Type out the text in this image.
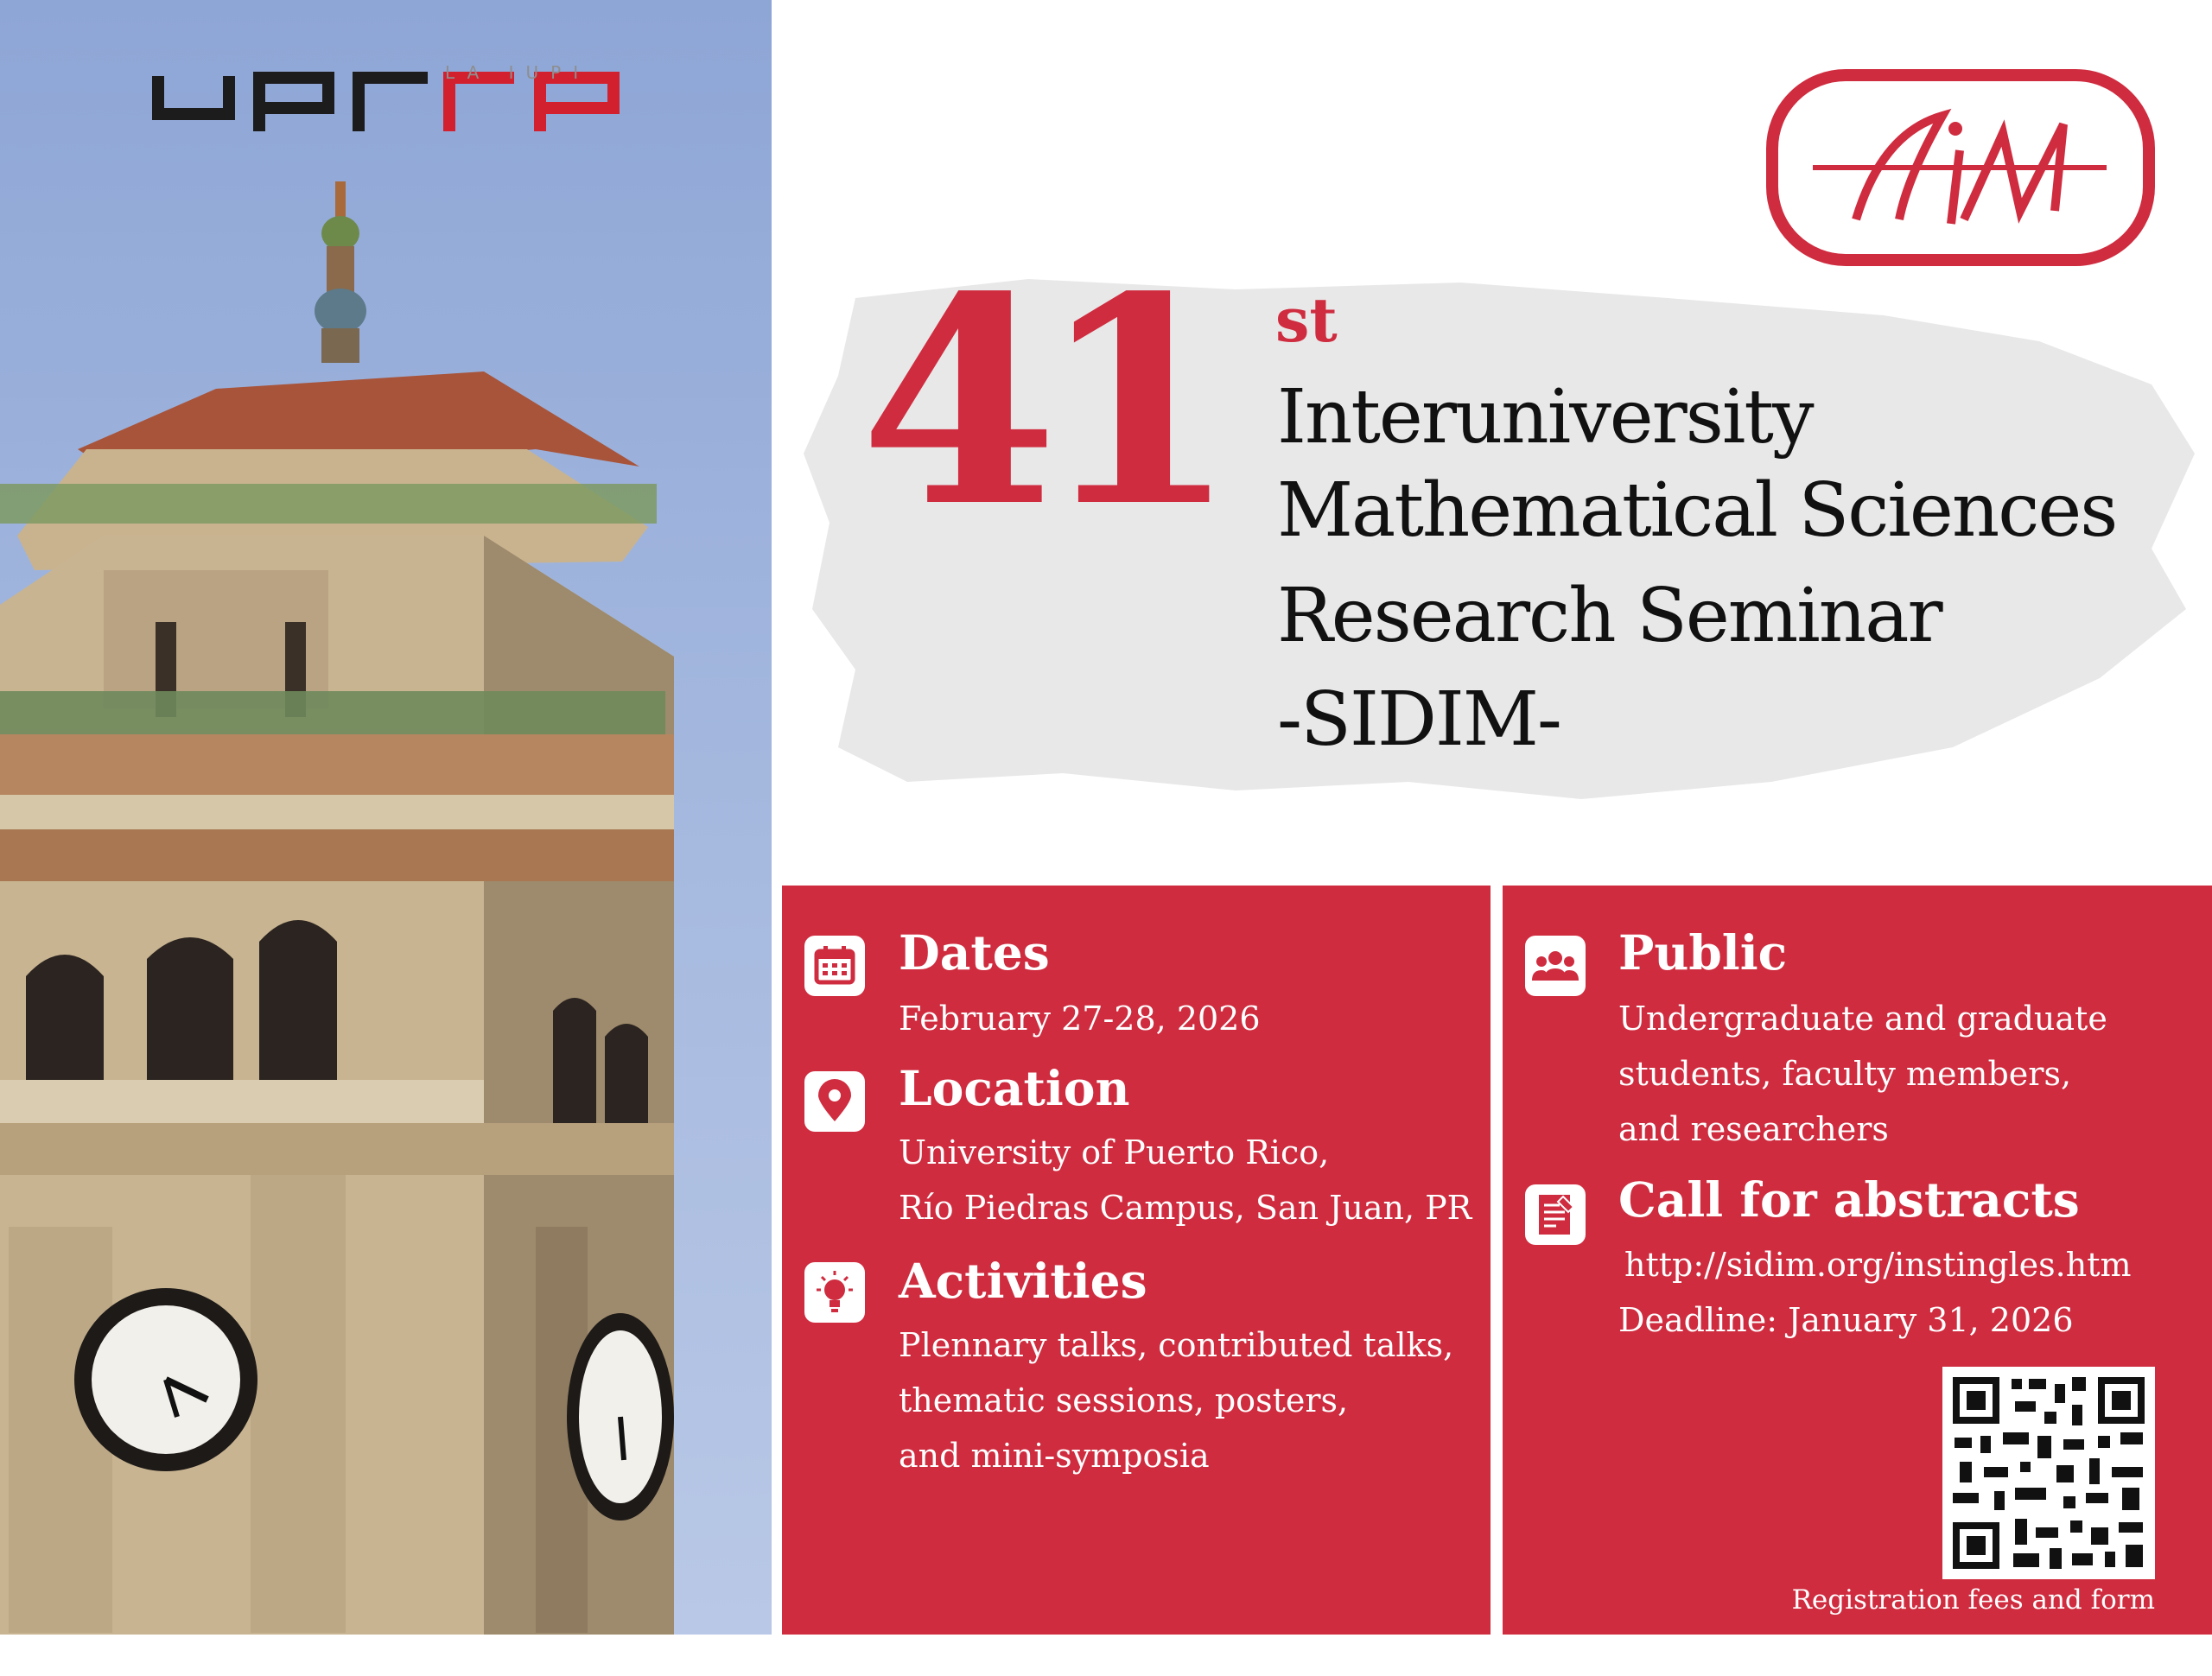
LA IUPI
41 st
Interuniversity
Mathematical Sciences
Research Seminar
-SIDIM-
Dates
February 27-28, 2026
Location
University of Puerto Rico,
Río Piedras Campus, San Juan, PR
Activities
Plennary talks, contributed talks,
thematic sessions, posters,
and mini-symposia
Public
Undergraduate and graduate
students, faculty members,
and researchers
Call for abstracts
http://sidim.org/instingles.htm
Deadline: January 31, 2026
Registration fees and form
